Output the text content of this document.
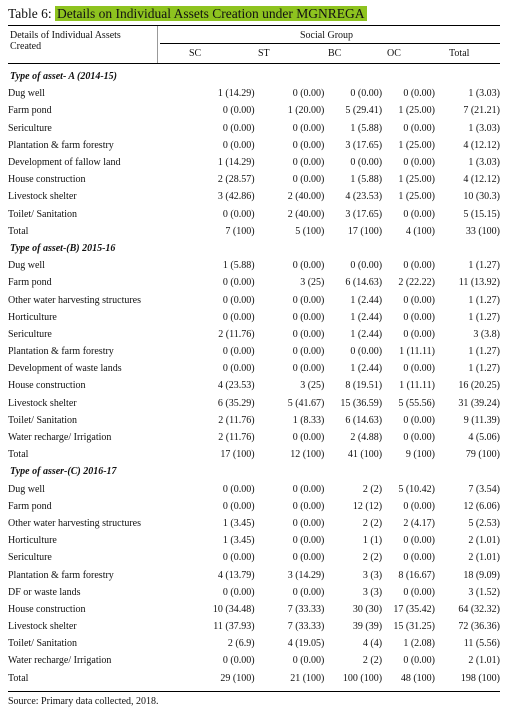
Table 6: Details on Individual Assets Creation under MGNREGA
Details of Individual Assets
Created
Social Group
SC	ST	BC	OC	Total
Type of asset- A (2014-15)					
Dug well	1 (14.29)	0 (0.00)	0 (0.00)	0 (0.00)	1 (3.03)
Farm pond	0 (0.00)	1 (20.00)	5 (29.41)	1 (25.00)	7 (21.21)
Sericulture	0 (0.00)	0 (0.00)	1 (5.88)	0 (0.00)	1 (3.03)
Plantation & farm forestry	0 (0.00)	0 (0.00)	3 (17.65)	1 (25.00)	4 (12.12)
Development of fallow land	1 (14.29)	0 (0.00)	0 (0.00)	0 (0.00)	1 (3.03)
House construction	2 (28.57)	0 (0.00)	1 (5.88)	1 (25.00)	4 (12.12)
Livestock shelter	3 (42.86)	2 (40.00)	4 (23.53)	1 (25.00)	10 (30.3)
Toilet/ Sanitation	0 (0.00)	2 (40.00)	3 (17.65)	0 (0.00)	5 (15.15)
Total	7 (100)	5 (100)	17 (100)	4 (100)	33 (100)
Type of asset-(B) 2015-16					
Dug well	1 (5.88)	0 (0.00)	0 (0.00)	0 (0.00)	1 (1.27)
Farm pond	0 (0.00)	3 (25)	6 (14.63)	2 (22.22)	11 (13.92)
Other water harvesting structures	0 (0.00)	0 (0.00)	1 (2.44)	0 (0.00)	1 (1.27)
Horticulture	0 (0.00)	0 (0.00)	1 (2.44)	0 (0.00)	1 (1.27)
Sericulture	2 (11.76)	0 (0.00)	1 (2.44)	0 (0.00)	3 (3.8)
Plantation & farm forestry	0 (0.00)	0 (0.00)	0 (0.00)	1 (11.11)	1 (1.27)
Development of waste lands	0 (0.00)	0 (0.00)	1 (2.44)	0 (0.00)	1 (1.27)
House construction	4 (23.53)	3 (25)	8 (19.51)	1 (11.11)	16 (20.25)
Livestock shelter	6 (35.29)	5 (41.67)	15 (36.59)	5 (55.56)	31 (39.24)
Toilet/ Sanitation	2 (11.76)	1 (8.33)	6 (14.63)	0 (0.00)	9 (11.39)
Water recharge/ Irrigation	2 (11.76)	0 (0.00)	2 (4.88)	0 (0.00)	4 (5.06)
Total	17 (100)	12 (100)	41 (100)	9 (100)	79 (100)
Type of asser-(C) 2016-17					
Dug well	0 (0.00)	0 (0.00)	2 (2)	5 (10.42)	7 (3.54)
Farm pond	0 (0.00)	0 (0.00)	12 (12)	0 (0.00)	12 (6.06)
Other water harvesting structures	1 (3.45)	0 (0.00)	2 (2)	2 (4.17)	5 (2.53)
Horticulture	1 (3.45)	0 (0.00)	1 (1)	0 (0.00)	2 (1.01)
Sericulture	0 (0.00)	0 (0.00)	2 (2)	0 (0.00)	2 (1.01)
Plantation & farm forestry	4 (13.79)	3 (14.29)	3 (3)	8 (16.67)	18 (9.09)
DF or waste lands	0 (0.00)	0 (0.00)	3 (3)	0 (0.00)	3 (1.52)
House construction	10 (34.48)	7 (33.33)	30 (30)	17 (35.42)	64 (32.32)
Livestock shelter	11 (37.93)	7 (33.33)	39 (39)	15 (31.25)	72 (36.36)
Toilet/ Sanitation	2 (6.9)	4 (19.05)	4 (4)	1 (2.08)	11 (5.56)
Water recharge/ Irrigation	0 (0.00)	0 (0.00)	2 (2)	0 (0.00)	2 (1.01)
Total	29 (100)	21 (100)	100 (100)	48 (100)	198 (100)
Source: Primary data collected, 2018.
